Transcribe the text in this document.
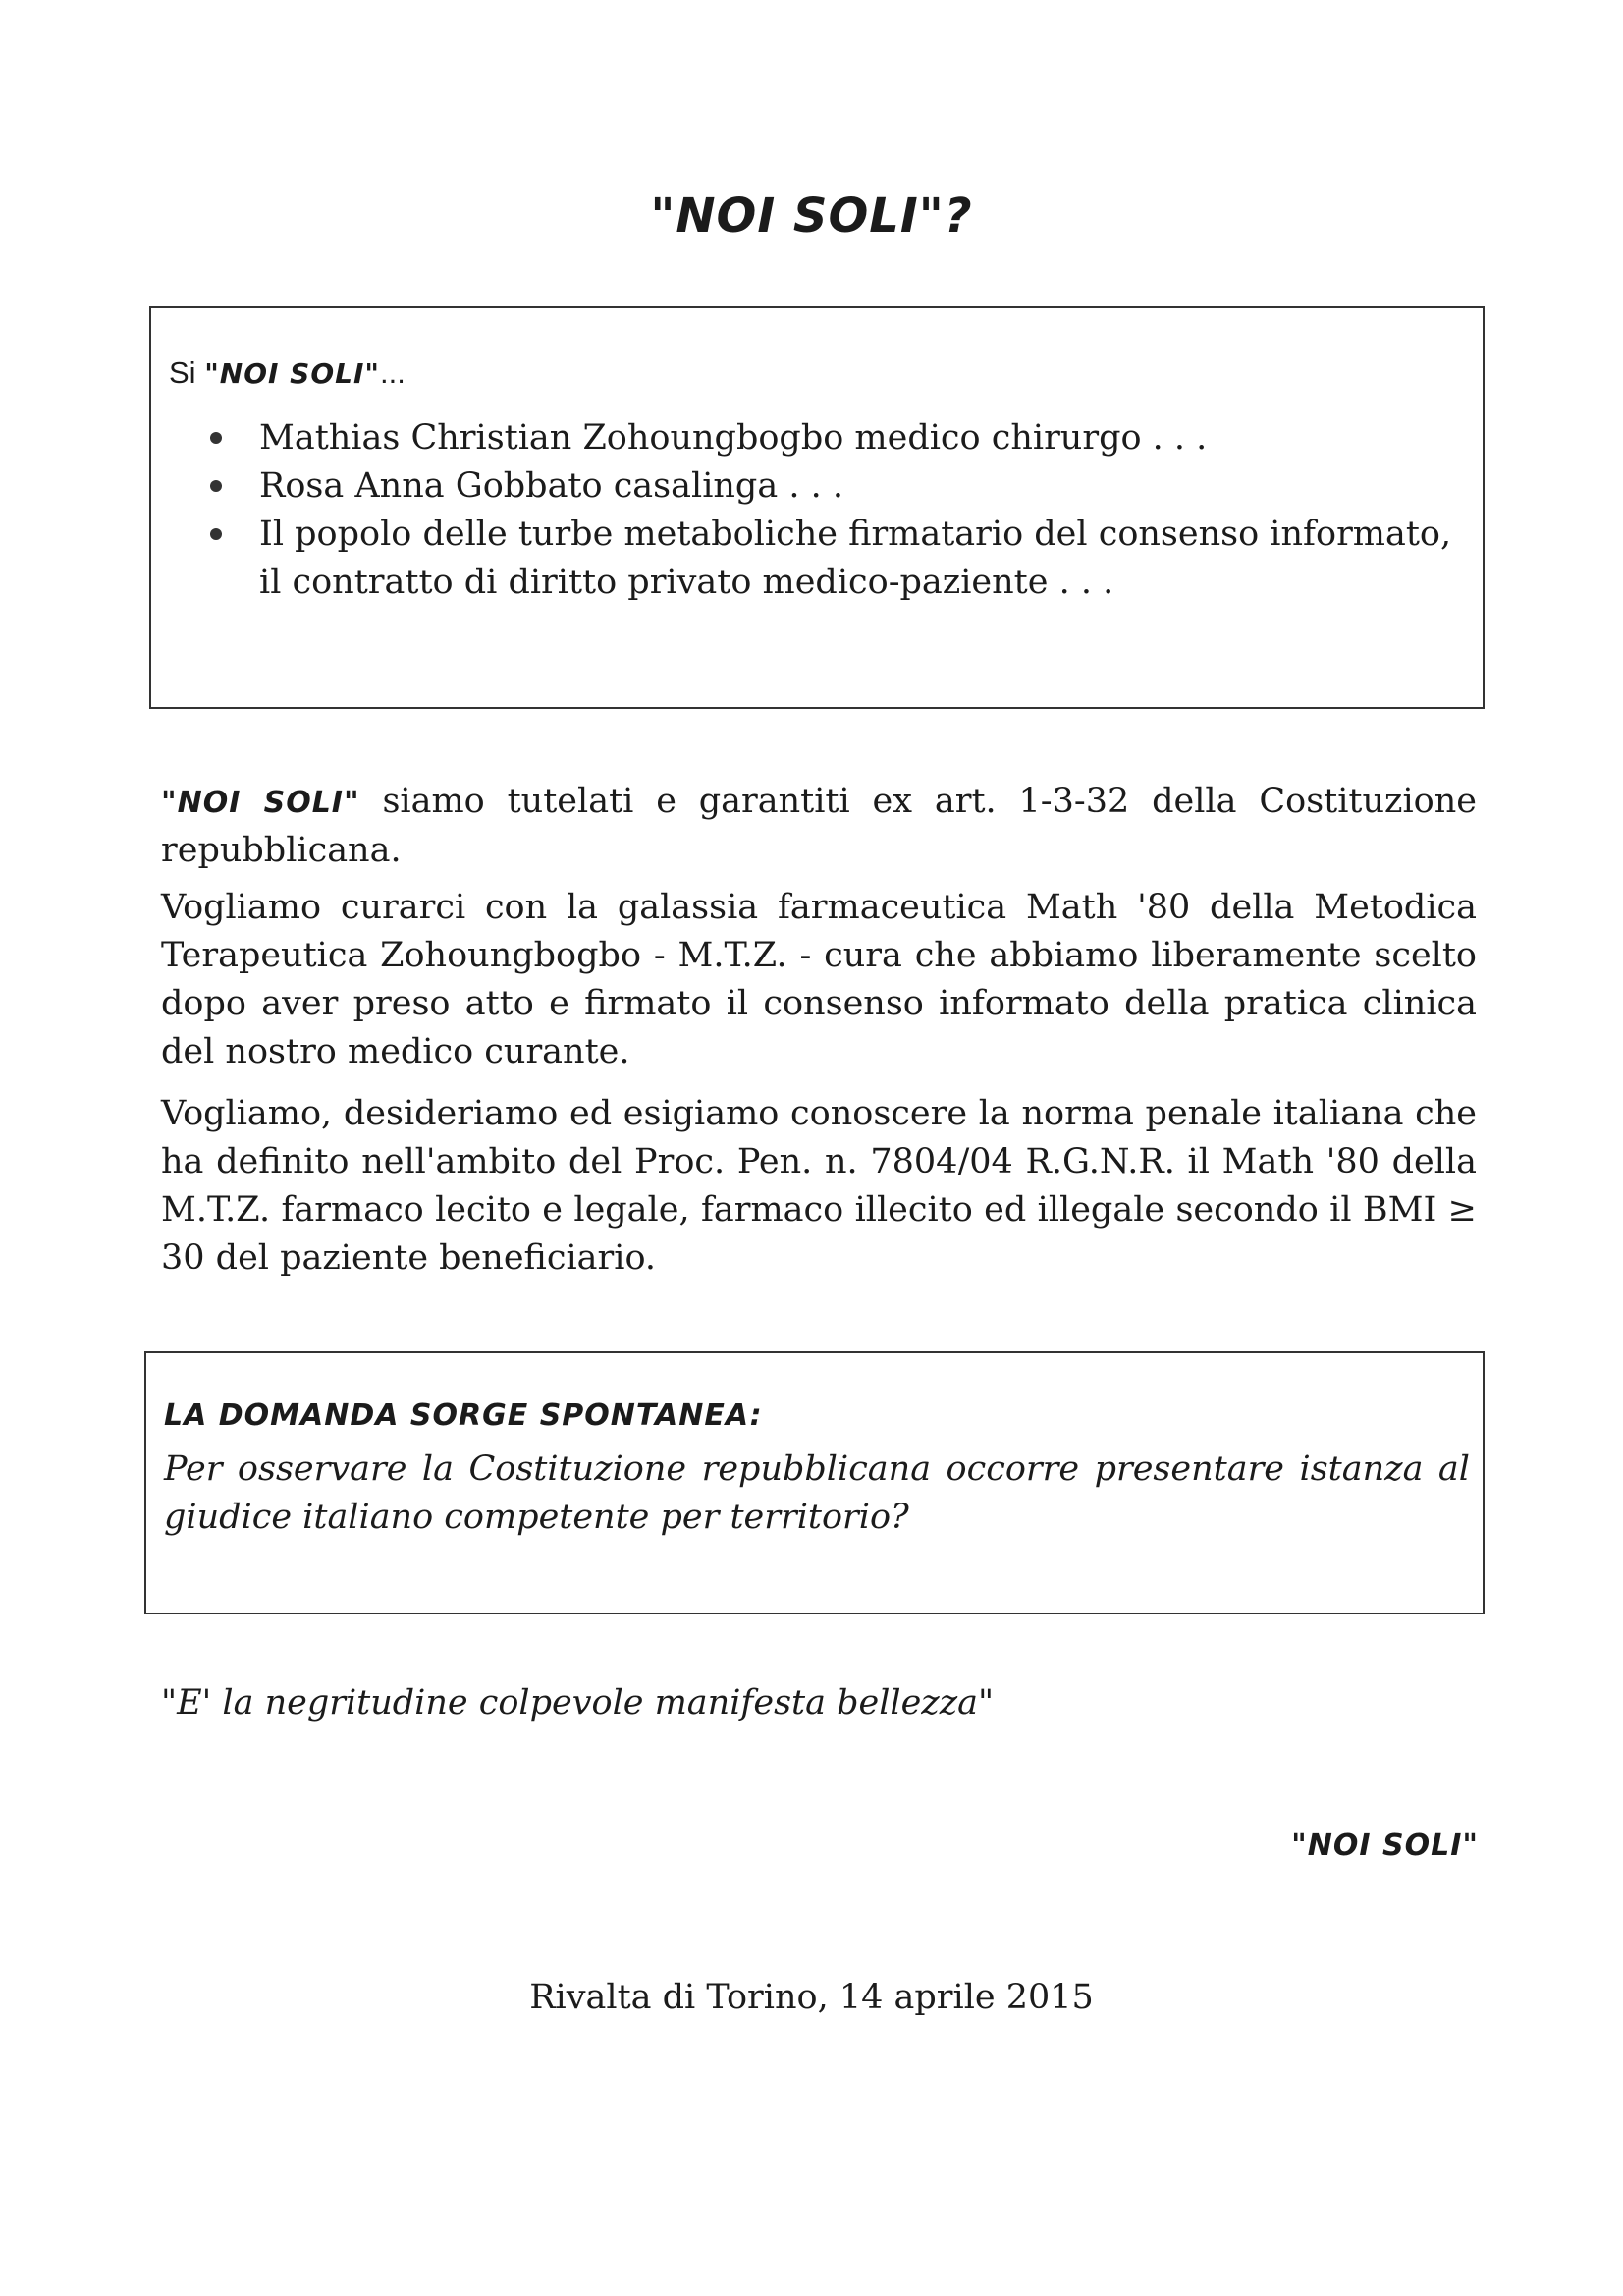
"NOI SOLI"?
Si "NOI SOLI"...
Mathias Christian Zohoungbogbo medico chirurgo . . .
Rosa Anna Gobbato casalinga . . .
Il popolo delle turbe metaboliche firmatario del consenso informato, il contratto di diritto privato medico-paziente . . .

"NOI SOLI" siamo tutelati e garantiti ex art. 1-3-32 della Costituzione repubblicana.

Vogliamo curarci con la galassia farmaceutica Math '80 della Metodica Terapeutica Zohoungbogbo - M.T.Z. - cura che abbiamo liberamente scelto dopo aver preso atto e firmato il consenso informato della pratica clinica del nostro medico curante.

Vogliamo, desideriamo ed esigiamo conoscere la norma penale italiana che ha definito nell'ambito del Proc. Pen. n. 7804/04 R.G.N.R. il Math '80 della M.T.Z. farmaco lecito e legale, farmaco illecito ed illegale secondo il BMI ≥ 30 del paziente beneficiario.

LA DOMANDA SORGE SPONTANEA:

Per osservare la Costituzione repubblicana occorre presentare istanza al giudice italiano competente per territorio?

"E' la negritudine colpevole manifesta bellezza"
"NOI SOLI"
Rivalta di Torino, 14 aprile 2015
